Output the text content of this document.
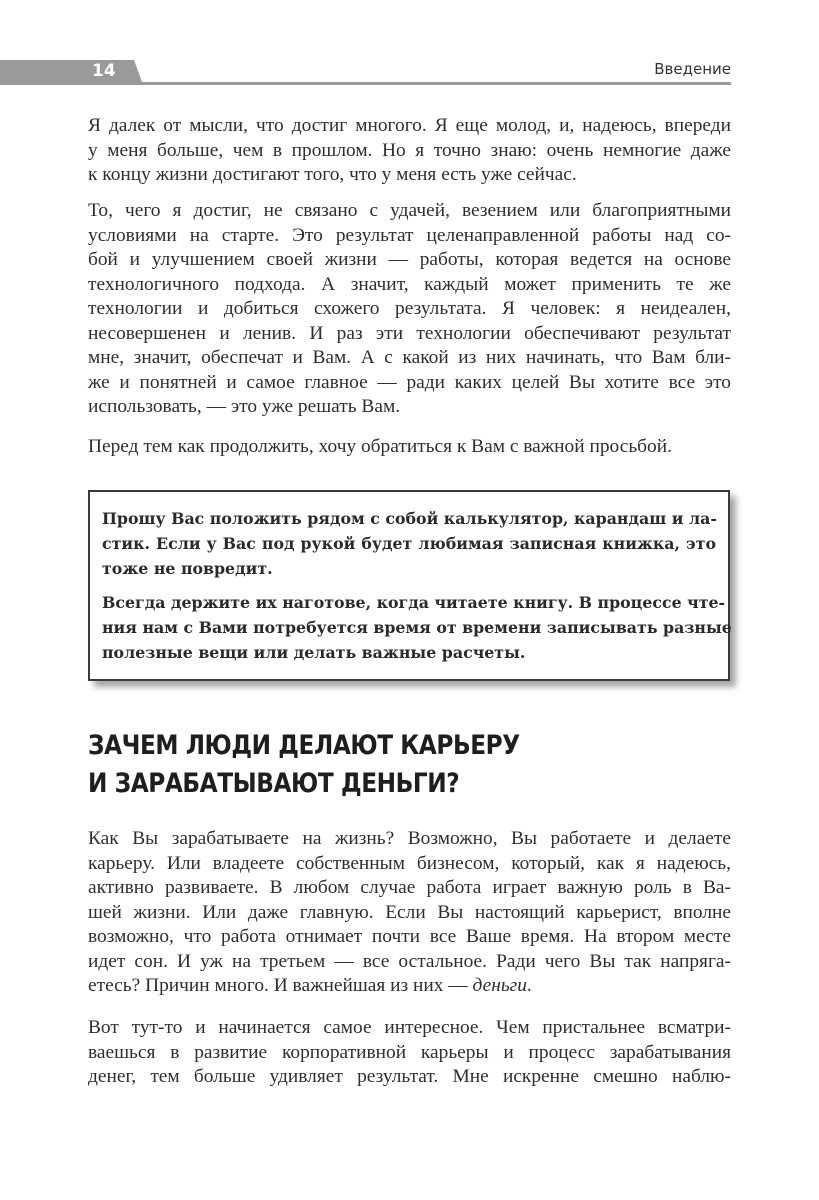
14	Введение
Я далек от мысли, что достиг многого. Я еще молод, и, надеюсь, впереди
у меня больше, чем в прошлом. Но я точно знаю: очень немногие даже
к концу жизни достигают того, что у меня есть уже сейчас.
То, чего я достиг, не связано с удачей, везением или благоприятными
условиями на старте. Это результат целенаправленной работы над со-
бой и улучшением своей жизни — работы, которая ведется на основе
технологичного подхода. А значит, каждый может применить те же
технологии и добиться схожего результата. Я человек: я неидеален,
несовершенен и ленив. И раз эти технологии обеспечивают результат
мне, значит, обеспечат и Вам. А с какой из них начинать, что Вам бли-
же и понятней и самое главное — ради каких целей Вы хотите все это
использовать, — это уже решать Вам.
Перед тем как продолжить, хочу обратиться к Вам с важной просьбой.
Прошу Вас положить рядом с собой калькулятор, карандаш и ла-
стик. Если у Вас под рукой будет любимая записная книжка, это
тоже не повредит.
Всегда держите их наготове, когда читаете книгу. В процессе чте-
ния нам с Вами потребуется время от времени записывать разные
полезные вещи или делать важные расчеты.
ЗАЧЕМ ЛЮДИ ДЕЛАЮТ КАРЬЕРУ
И ЗАРАБАТЫВАЮТ ДЕНЬГИ?
Как Вы зарабатываете на жизнь? Возможно, Вы работаете и делаете
карьеру. Или владеете собственным бизнесом, который, как я надеюсь,
активно развиваете. В любом случае работа играет важную роль в Ва-
шей жизни. Или даже главную. Если Вы настоящий карьерист, вполне
возможно, что работа отнимает почти все Ваше время. На втором месте
идет сон. И уж на третьем — все остальное. Ради чего Вы так напряга-
етесь? Причин много. И важнейшая из них — деньги.
Вот тут-то и начинается самое интересное. Чем пристальнее всматри-
ваешься в развитие корпоративной карьеры и процесс зарабатывания
денег, тем больше удивляет результат. Мне искренне смешно наблю-
